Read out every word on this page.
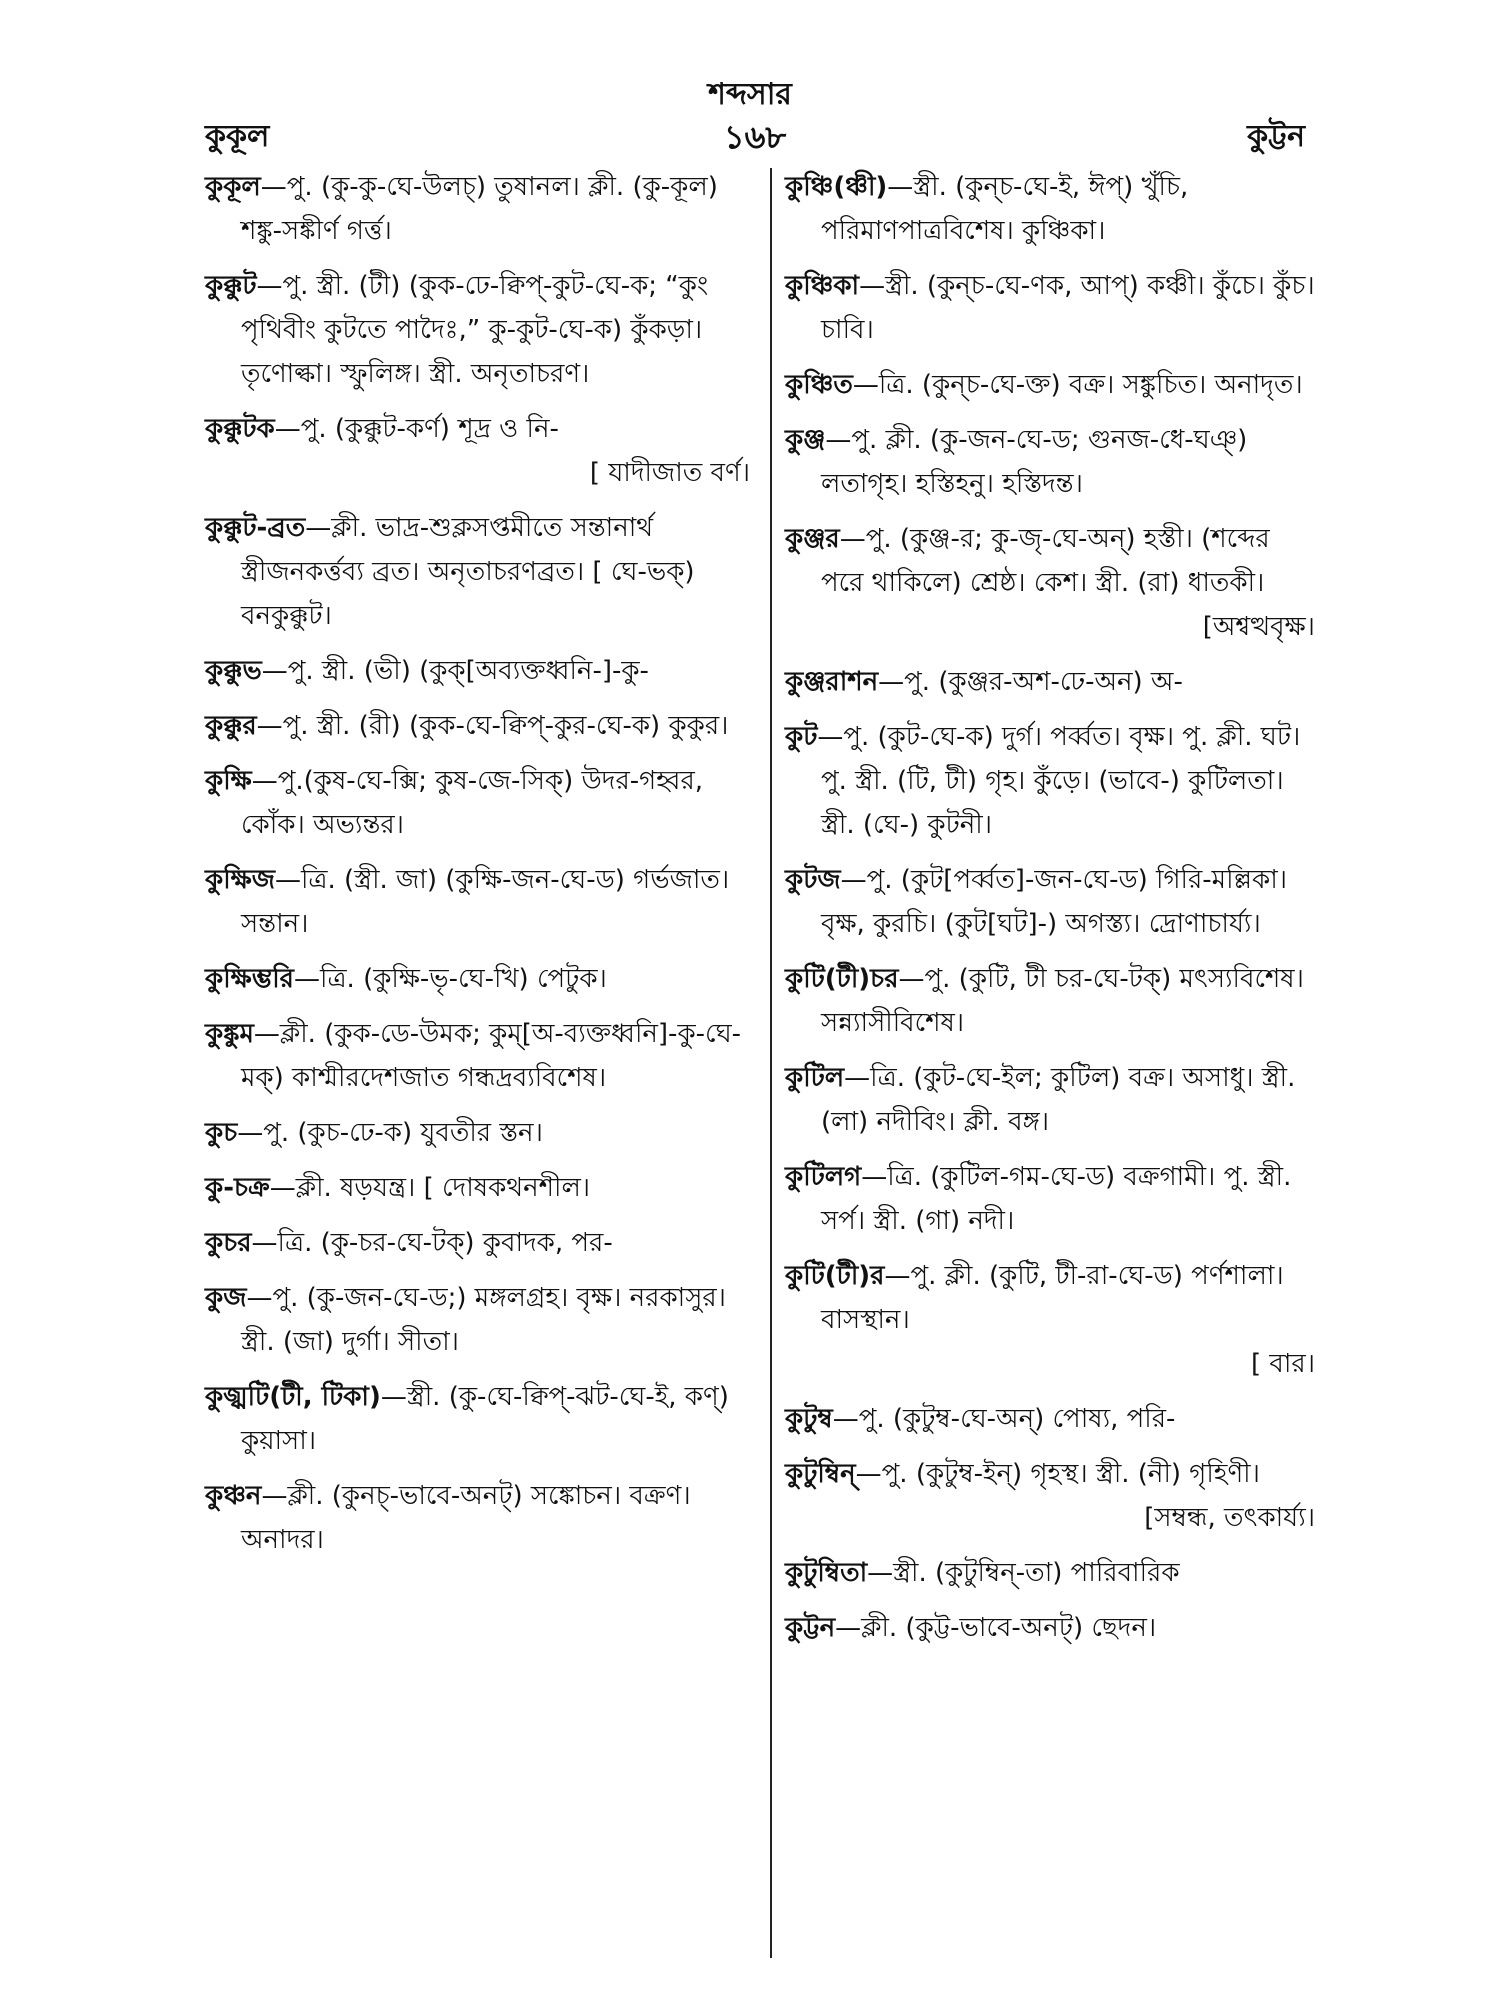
শব্দসার
কুকূল	১৬৮	কুট্টন
কুকূল—পু. (কু-কু-ঘে-উলচ্) তুষানল। ক্লী. (কু-কূল) শঙ্কু-সঙ্কীর্ণ গর্ত্ত।
কুক্কুট—পু. স্ত্রী. (টী) (কুক-ঢে-ক্বিপ্-কুট-ঘে-ক; “কুং পৃথিবীং কুটতে পাদৈঃ,” কু-কুট-ঘে-ক) কুঁকড়া। তৃণোল্কা। স্ফুলিঙ্গ। স্ত্রী. অনৃতাচরণ।
কুক্কুটক—পু. (কুক্কুট-কর্ণ) শূদ্র ও নি-
[ যাদীজাত বর্ণ।
কুক্কুট-ব্রত—ক্লী. ভাদ্র-শুক্লসপ্তমীতে সন্তানার্থ স্ত্রীজনকর্ত্তব্য ব্রত। অনৃতাচরণব্রত। [ ঘে-ভক্) বনকুক্কুট।
কুক্কুভ—পু. স্ত্রী. (ভী) (কুক্[অব্যক্তধ্বনি-]-কু-
কুক্কুর—পু. স্ত্রী. (রী) (কুক-ঘে-ক্বিপ্-কুর-ঘে-ক) কুকুর।
কুক্ষি—পু.(কুষ-ঘে-ক্সি; কুষ-জে-সিক্) উদর-গহ্বর, কোঁক। অভ্যন্তর।
কুক্ষিজ—ত্রি. (স্ত্রী. জা) (কুক্ষি-জন-ঘে-ড) গর্ভজাত। সন্তান।
কুক্ষিম্ভরি—ত্রি. (কুক্ষি-ভৃ-ঘে-খি) পেটুক।
কুঙ্কুম—ক্লী. (কুক-ডে-উমক; কুম্[অ-ব্যক্তধ্বনি]-কু-ঘে-মক্) কাশ্মীরদেশজাত গন্ধদ্রব্যবিশেষ।
কুচ—পু. (কুচ-ঢে-ক) যুবতীর স্তন।
কু-চক্র—ক্লী. ষড়যন্ত্র। [ দোষকথনশীল।
কুচর—ত্রি. (কু-চর-ঘে-টক্) কুবাদক, পর-
কুজ—পু. (কু-জন-ঘে-ড;) মঙ্গলগ্রহ। বৃক্ষ। নরকাসুর। স্ত্রী. (জা) দুর্গা। সীতা।
কুজ্ঝটি(টী, টিকা)—স্ত্রী. (কু-ঘে-ক্বিপ্-ঝট-ঘে-ই, কণ্) কুয়াসা।
কুঞ্চন—ক্লী. (কুনচ্-ভাবে-অনট্) সঙ্কোচন। বক্রণ। অনাদর।
কুঞ্চি(ঞ্চী)—স্ত্রী. (কুন্‌চ-ঘে-ই, ঈপ্) খুঁচি, পরিমাণপাত্রবিশেষ। কুঞ্চিকা।
কুঞ্চিকা—স্ত্রী. (কুন্‌চ-ঘে-ণক, আপ্) কঞ্চী। কুঁচে। কুঁচ। চাবি।
কুঞ্চিত—ত্রি. (কুন্‌চ-ঘে-ক্ত) বক্র। সঙ্কুচিত। অনাদৃত।
কুঞ্জ—পু. ক্লী. (কু-জন-ঘে-ড; গুনজ-ধে-ঘঞ্) লতাগৃহ। হস্তিহনু। হস্তিদন্ত।
কুঞ্জর—পু. (কুঞ্জ-র; কু-জৃ-ঘে-অন্) হস্তী। (শব্দের পরে থাকিলে) শ্রেষ্ঠ। কেশ। স্ত্রী. (রা) ধাতকী।
[অশ্বত্থবৃক্ষ।
কুঞ্জরাশন—পু. (কুঞ্জর-অশ-ঢে-অন) অ-
কুট—পু. (কুট-ঘে-ক) দুর্গ। পর্ব্বত। বৃক্ষ। পু. ক্লী. ঘট। পু. স্ত্রী. (টি, টী) গৃহ। কুঁড়ে। (ভাবে-) কুটিলতা। স্ত্রী. (ঘে-) কুটনী।
কুটজ—পু. (কুট[পর্ব্বত]-জন-ঘে-ড) গিরি-মল্লিকা। বৃক্ষ, কুরচি। (কুট[ঘট]-) অগস্ত্য। দ্রোণাচার্য্য।
কুটি(টী)চর—পু. (কুটি, টী চর-ঘে-টক্) মৎস্যবিশেষ। সন্ন্যাসীবিশেষ।
কুটিল—ত্রি. (কুট-ঘে-ইল; কুটিল) বক্র। অসাধু। স্ত্রী. (লা) নদীবিং। ক্লী. বঙ্গ।
কুটিলগ—ত্রি. (কুটিল-গম-ঘে-ড) বক্রগামী। পু. স্ত্রী. সর্প। স্ত্রী. (গা) নদী।
কুটি(টী)র—পু. ক্লী. (কুটি, টী-রা-ঘে-ড) পর্ণশালা। বাসস্থান।
[ বার।
কুটুম্ব—পু. (কুটুম্ব-ঘে-অন্) পোষ্য, পরি-
কুটুম্বিন্—পু. (কুটুম্ব-ইন্) গৃহস্থ। স্ত্রী. (নী) গৃহিণী।
[সম্বন্ধ, তৎকার্য্য।
কুটুম্বিতা—স্ত্রী. (কুটুম্বিন্-তা) পারিবারিক
কুট্টন—ক্লী. (কুট্ট-ভাবে-অনট্) ছেদন।
